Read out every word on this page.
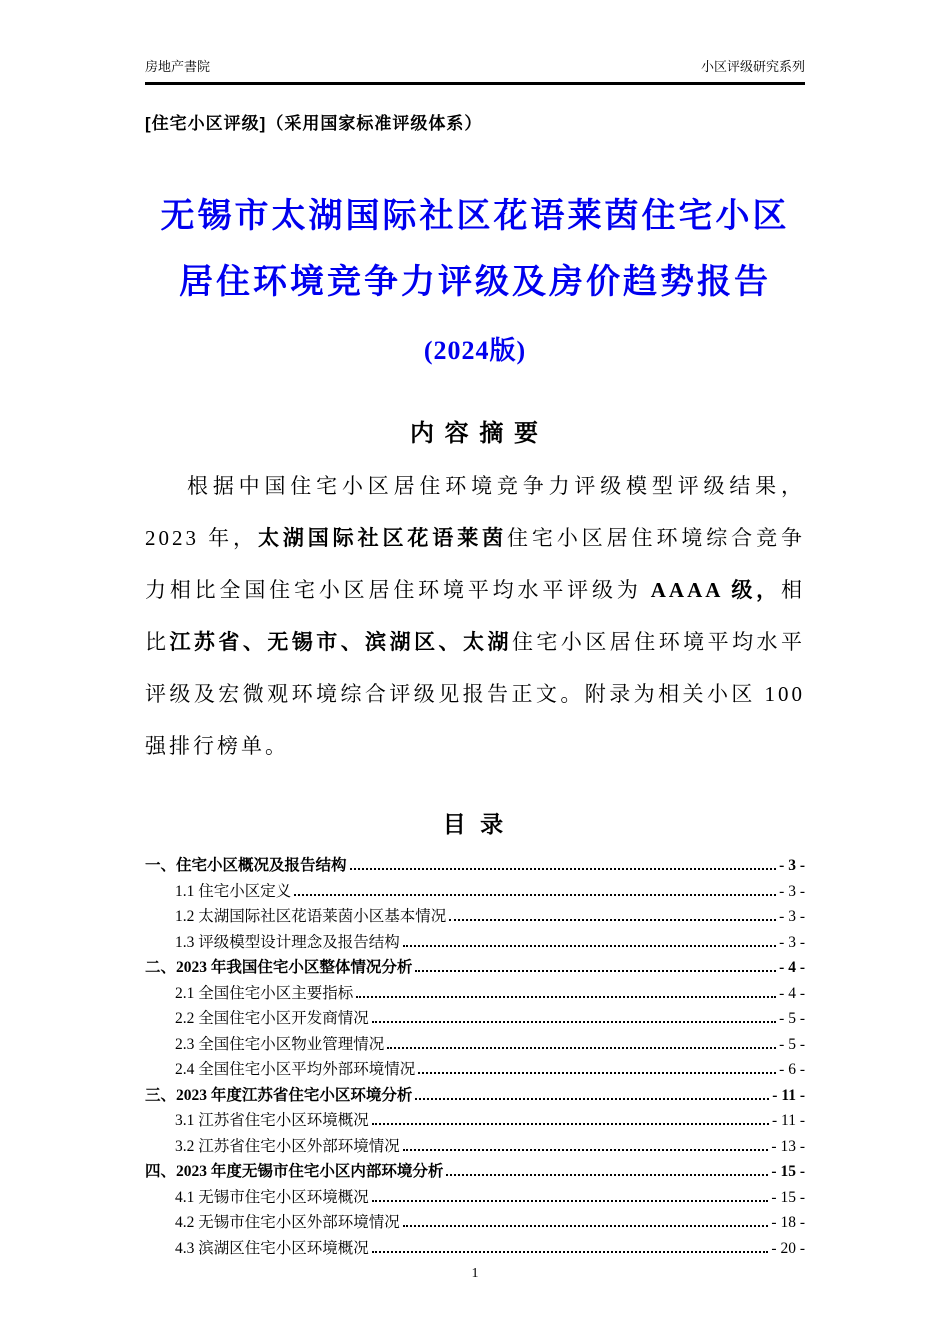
房地产書院	小区评级研究系列
[住宅小区评级]（采用国家标准评级体系）
无锡市太湖国际社区花语莱茵住宅小区
居住环境竞争力评级及房价趋势报告
(2024版)
内 容 摘 要

根据中国住宅小区居住环境竞争力评级模型评级结果，2023 年，太湖国际社区花语莱茵住宅小区居住环境综合竞争力相比全国住宅小区居住环境平均水平评级为 AAAA 级，相比江苏省、无锡市、滨湖区、太湖住宅小区居住环境平均水平评级及宏微观环境综合评级见报告正文。附录为相关小区 100 强排行榜单。

目 录
一、住宅小区概况及报告结构	- 3 -
1.1 住宅小区定义	- 3 -
1.2 太湖国际社区花语莱茵小区基本情况	- 3 -
1.3 评级模型设计理念及报告结构	- 3 -
二、2023 年我国住宅小区整体情况分析	- 4 -
2.1 全国住宅小区主要指标	- 4 -
2.2 全国住宅小区开发商情况	- 5 -
2.3 全国住宅小区物业管理情况	- 5 -
2.4 全国住宅小区平均外部环境情况	- 6 -
三、2023 年度江苏省住宅小区环境分析	- 11 -
3.1 江苏省住宅小区环境概况	- 11 -
3.2 江苏省住宅小区外部环境情况	- 13 -
四、2023 年度无锡市住宅小区内部环境分析	- 15 -
4.1 无锡市住宅小区环境概况	- 15 -
4.2 无锡市住宅小区外部环境情况	- 18 -
4.3 滨湖区住宅小区环境概况	- 20 -
1
